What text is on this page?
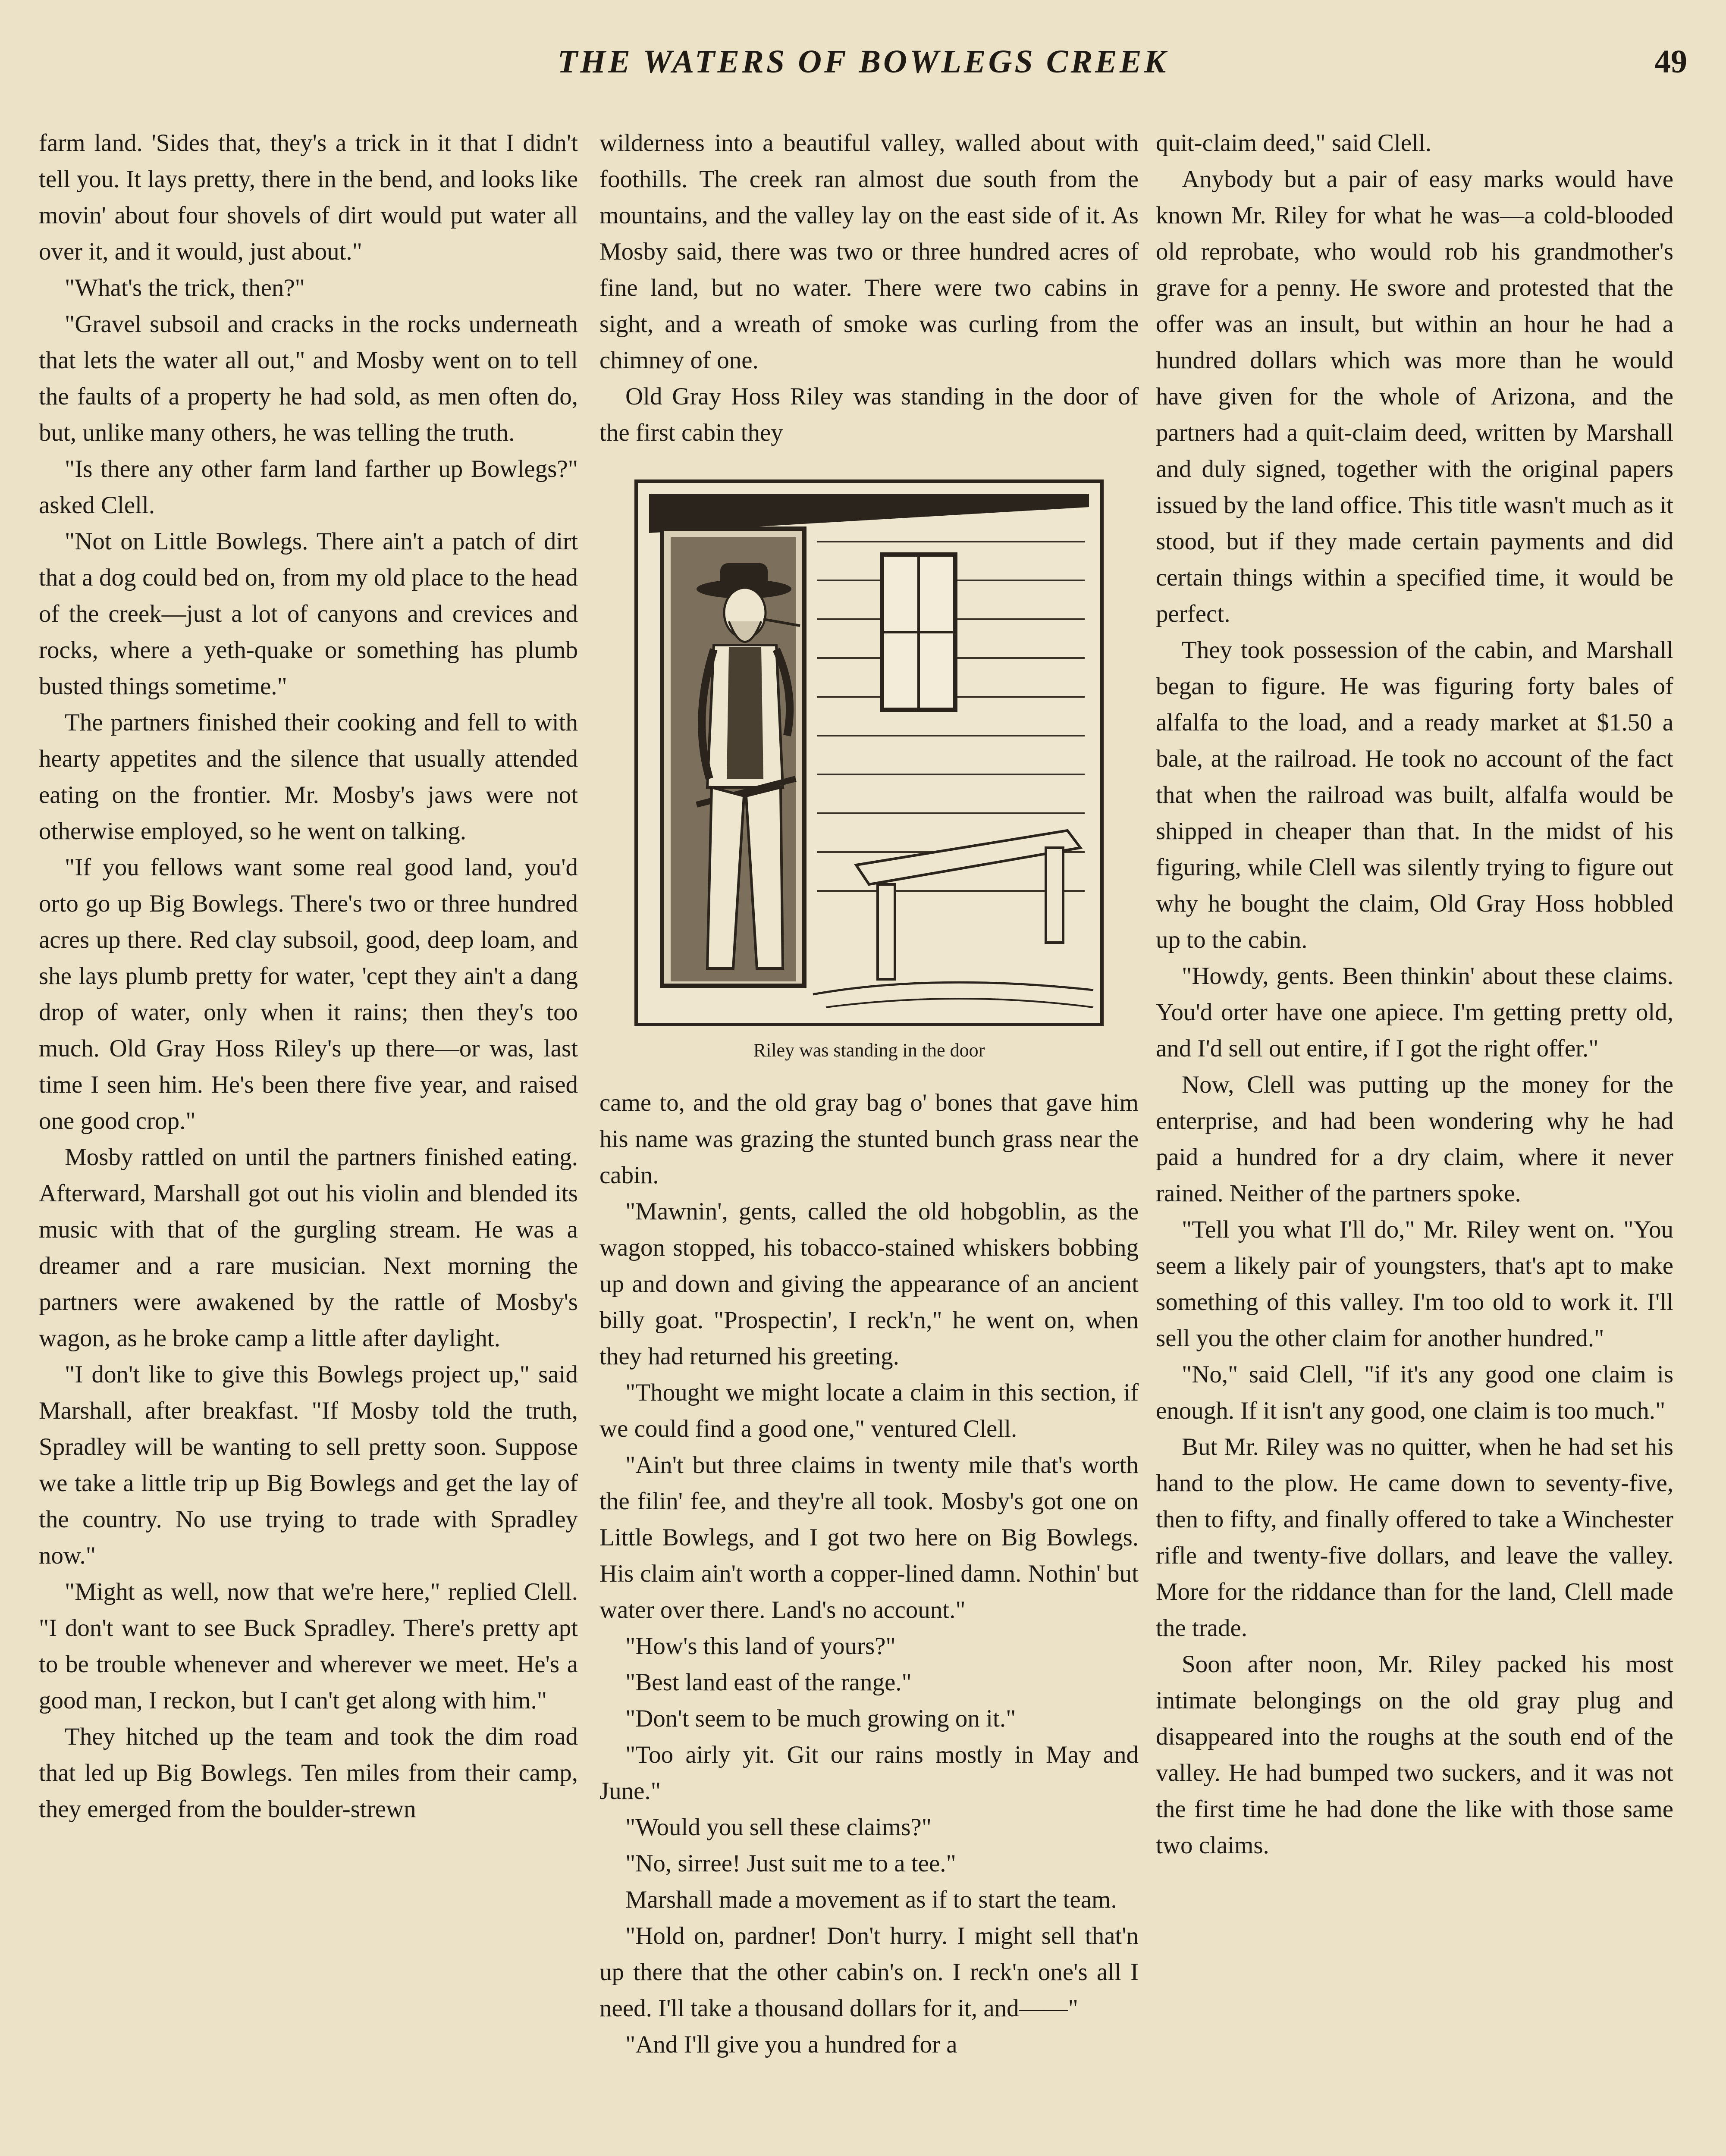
THE WATERS OF BOWLEGS CREEK	49

farm land. 'Sides that, they's a trick in it that I didn't tell you. It lays pretty, there in the bend, and looks like movin' about four shovels of dirt would put water all over it, and it would, just about."

"What's the trick, then?"

"Gravel subsoil and cracks in the rocks underneath that lets the water all out," and Mosby went on to tell the faults of a property he had sold, as men often do, but, unlike many others, he was telling the truth.

"Is there any other farm land farther up Bowlegs?" asked Clell.

"Not on Little Bowlegs. There ain't a patch of dirt that a dog could bed on, from my old place to the head of the creek—just a lot of canyons and crevices and rocks, where a yeth-quake or something has plumb busted things sometime."

The partners finished their cooking and fell to with hearty appetites and the silence that usually attended eating on the frontier. Mr. Mosby's jaws were not otherwise employed, so he went on talking.

"If you fellows want some real good land, you'd orto go up Big Bowlegs. There's two or three hundred acres up there. Red clay subsoil, good, deep loam, and she lays plumb pretty for water, 'cept they ain't a dang drop of water, only when it rains; then they's too much. Old Gray Hoss Riley's up there—or was, last time I seen him. He's been there five year, and raised one good crop."

Mosby rattled on until the partners finished eating. Afterward, Marshall got out his violin and blended its music with that of the gurgling stream. He was a dreamer and a rare musician. Next morning the partners were awakened by the rattle of Mosby's wagon, as he broke camp a little after daylight.

"I don't like to give this Bowlegs project up," said Marshall, after breakfast. "If Mosby told the truth, Spradley will be wanting to sell pretty soon. Suppose we take a little trip up Big Bowlegs and get the lay of the country. No use trying to trade with Spradley now."

"Might as well, now that we're here," replied Clell. "I don't want to see Buck Spradley. There's pretty apt to be trouble whenever and wherever we meet. He's a good man, I reckon, but I can't get along with him."

They hitched up the team and took the dim road that led up Big Bowlegs. Ten miles from their camp, they emerged from the boulder-strewn

wilderness into a beautiful valley, walled about with foothills. The creek ran almost due south from the mountains, and the valley lay on the east side of it. As Mosby said, there was two or three hundred acres of fine land, but no water. There were two cabins in sight, and a wreath of smoke was curling from the chimney of one.

Old Gray Hoss Riley was standing in the door of the first cabin they

Riley was standing in the door

came to, and the old gray bag o' bones that gave him his name was grazing the stunted bunch grass near the cabin.

"Mawnin', gents, called the old hobgoblin, as the wagon stopped, his tobacco-stained whiskers bobbing up and down and giving the appearance of an ancient billy goat. "Prospectin', I reck'n," he went on, when they had returned his greeting.

"Thought we might locate a claim in this section, if we could find a good one," ventured Clell.

"Ain't but three claims in twenty mile that's worth the filin' fee, and they're all took. Mosby's got one on Little Bowlegs, and I got two here on Big Bowlegs. His claim ain't worth a copper-lined damn. Nothin' but water over there. Land's no account."

"How's this land of yours?"

"Best land east of the range."

"Don't seem to be much growing on it."

"Too airly yit. Git our rains mostly in May and June."

"Would you sell these claims?"

"No, sirree! Just suit me to a tee."

Marshall made a movement as if to start the team.

"Hold on, pardner! Don't hurry. I might sell that'n up there that the other cabin's on. I reck'n one's all I need. I'll take a thousand dollars for it, and——"

"And I'll give you a hundred for a

quit-claim deed," said Clell.

Anybody but a pair of easy marks would have known Mr. Riley for what he was—a cold-blooded old reprobate, who would rob his grandmother's grave for a penny. He swore and protested that the offer was an insult, but within an hour he had a hundred dollars which was more than he would have given for the whole of Arizona, and the partners had a quit-claim deed, written by Marshall and duly signed, together with the original papers issued by the land office. This title wasn't much as it stood, but if they made certain payments and did certain things within a specified time, it would be perfect.

They took possession of the cabin, and Marshall began to figure. He was figuring forty bales of alfalfa to the load, and a ready market at $1.50 a bale, at the railroad. He took no account of the fact that when the railroad was built, alfalfa would be shipped in cheaper than that. In the midst of his figuring, while Clell was silently trying to figure out why he bought the claim, Old Gray Hoss hobbled up to the cabin.

"Howdy, gents. Been thinkin' about these claims. You'd orter have one apiece. I'm getting pretty old, and I'd sell out entire, if I got the right offer."

Now, Clell was putting up the money for the enterprise, and had been wondering why he had paid a hundred for a dry claim, where it never rained. Neither of the partners spoke.

"Tell you what I'll do," Mr. Riley went on. "You seem a likely pair of youngsters, that's apt to make something of this valley. I'm too old to work it. I'll sell you the other claim for another hundred."

"No," said Clell, "if it's any good one claim is enough. If it isn't any good, one claim is too much."

But Mr. Riley was no quitter, when he had set his hand to the plow. He came down to seventy-five, then to fifty, and finally offered to take a Winchester rifle and twenty-five dollars, and leave the valley. More for the riddance than for the land, Clell made the trade.

Soon after noon, Mr. Riley packed his most intimate belongings on the old gray plug and disappeared into the roughs at the south end of the valley. He had bumped two suckers, and it was not the first time he had done the like with those same two claims.
